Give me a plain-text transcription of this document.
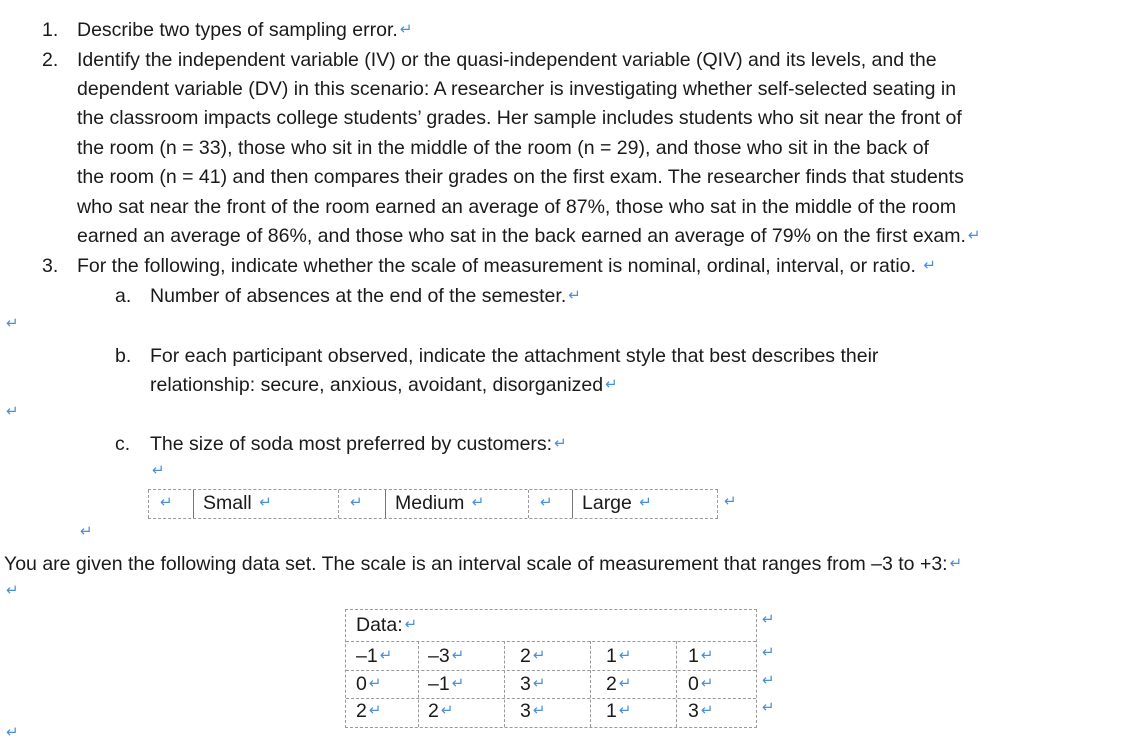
1. Describe two types of sampling error. ↵
2. Identify the independent variable (IV) or the quasi-independent variable (QIV) and its levels, and the
dependent variable (DV) in this scenario: A researcher is investigating whether self-selected seating in
the classroom impacts college students’ grades. Her sample includes students who sit near the front of
the room (n = 33), those who sit in the middle of the room (n = 29), and those who sit in the back of
the room (n = 41) and then compares their grades on the first exam. The researcher finds that students
who sat near the front of the room earned an average of 87%, those who sat in the middle of the room
earned an average of 86%, and those who sat in the back earned an average of 79% on the first exam. ↵
3. For the following, indicate whether the scale of measurement is nominal, ordinal, interval, or ratio. ↵
a. Number of absences at the end of the semester. ↵
↵
b. For each participant observed, indicate the attachment style that best describes their
relationship: secure, anxious, avoidant, disorganized ↵
↵
c. The size of soda most preferred by customers: ↵
↵
↵ Small ↵	↵ Medium ↵	↵ Large ↵	↵
↵
You are given the following data set. The scale is an interval scale of measurement that ranges from –3 to +3: ↵
↵
Data: ↵
–1 ↵ –3 ↵	2 ↵	1 ↵	1 ↵
0 ↵ –1 ↵	3 ↵	2 ↵	0 ↵
2 ↵ 2 ↵	3 ↵	1 ↵	3 ↵
↵
↵
↵
↵
↵
